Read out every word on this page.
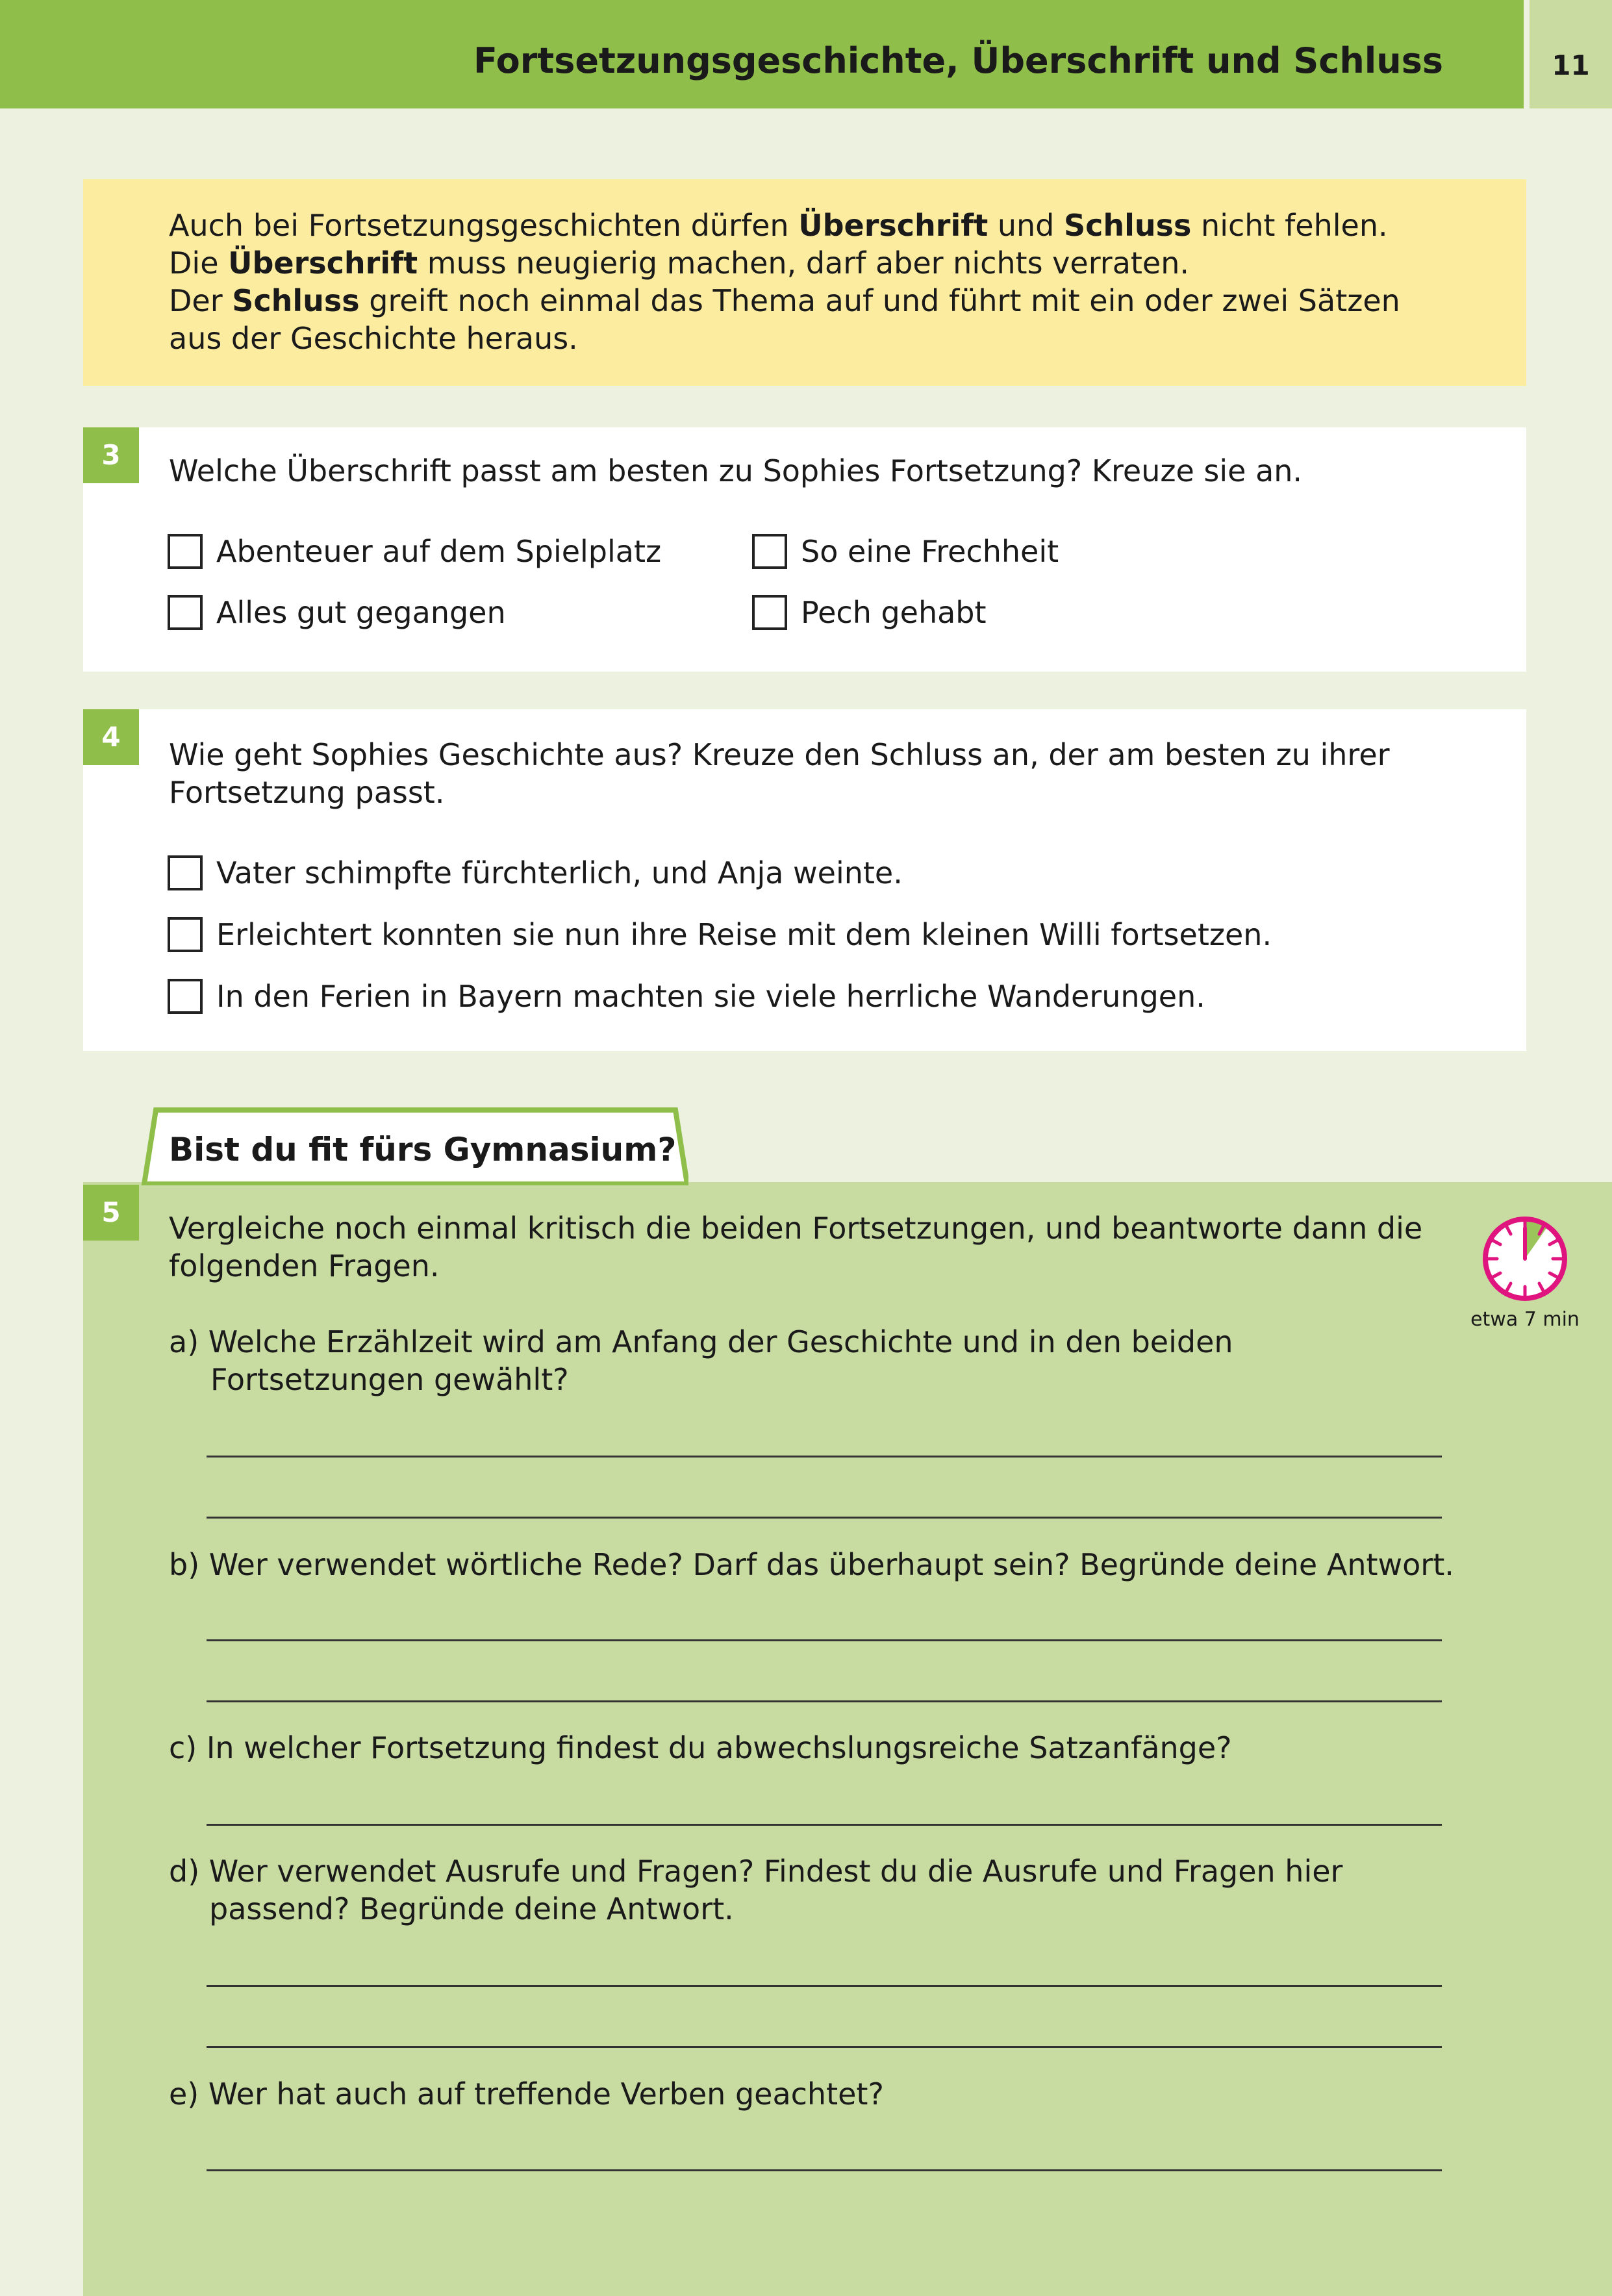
Fortsetzungsgeschichte, Überschrift und Schluss	11
Auch bei Fortsetzungsgeschichten dürfen Überschrift und Schluss nicht fehlen.
Die Überschrift muss neugierig machen, darf aber nichts verraten.
Der Schluss greift noch einmal das Thema auf und führt mit ein oder zwei Sätzen
aus der Geschichte heraus.
3	Welche Überschrift passt am besten zu Sophies Fortsetzung? Kreuze sie an.
Abenteuer auf dem Spielplatz	So eine Frechheit
Alles gut gegangen	Pech gehabt
4
Wie geht Sophies Geschichte aus? Kreuze den Schluss an, der am besten zu ihrer
Fortsetzung passt.
Vater schimpfte fürchterlich, und Anja weinte.
Erleichtert konnten sie nun ihre Reise mit dem kleinen Willi fortsetzen.
In den Ferien in Bayern machten sie viele herrliche Wanderungen.
Bist du fit fürs Gymnasium?
5	Vergleiche noch einmal kritisch die beiden Fortsetzungen, und beantworte dann die
folgenden Fragen.
etwa 7 min
a) Welche Erzählzeit wird am Anfang der Geschichte und in den beiden
Fortsetzungen gewählt?
b) Wer verwendet wörtliche Rede? Darf das überhaupt sein? Begründe deine Antwort.
c) In welcher Fortsetzung findest du abwechslungsreiche Satzanfänge?
d) Wer verwendet Ausrufe und Fragen? Findest du die Ausrufe und Fragen hier
passend? Begründe deine Antwort.
e) Wer hat auch auf treffende Verben geachtet?
